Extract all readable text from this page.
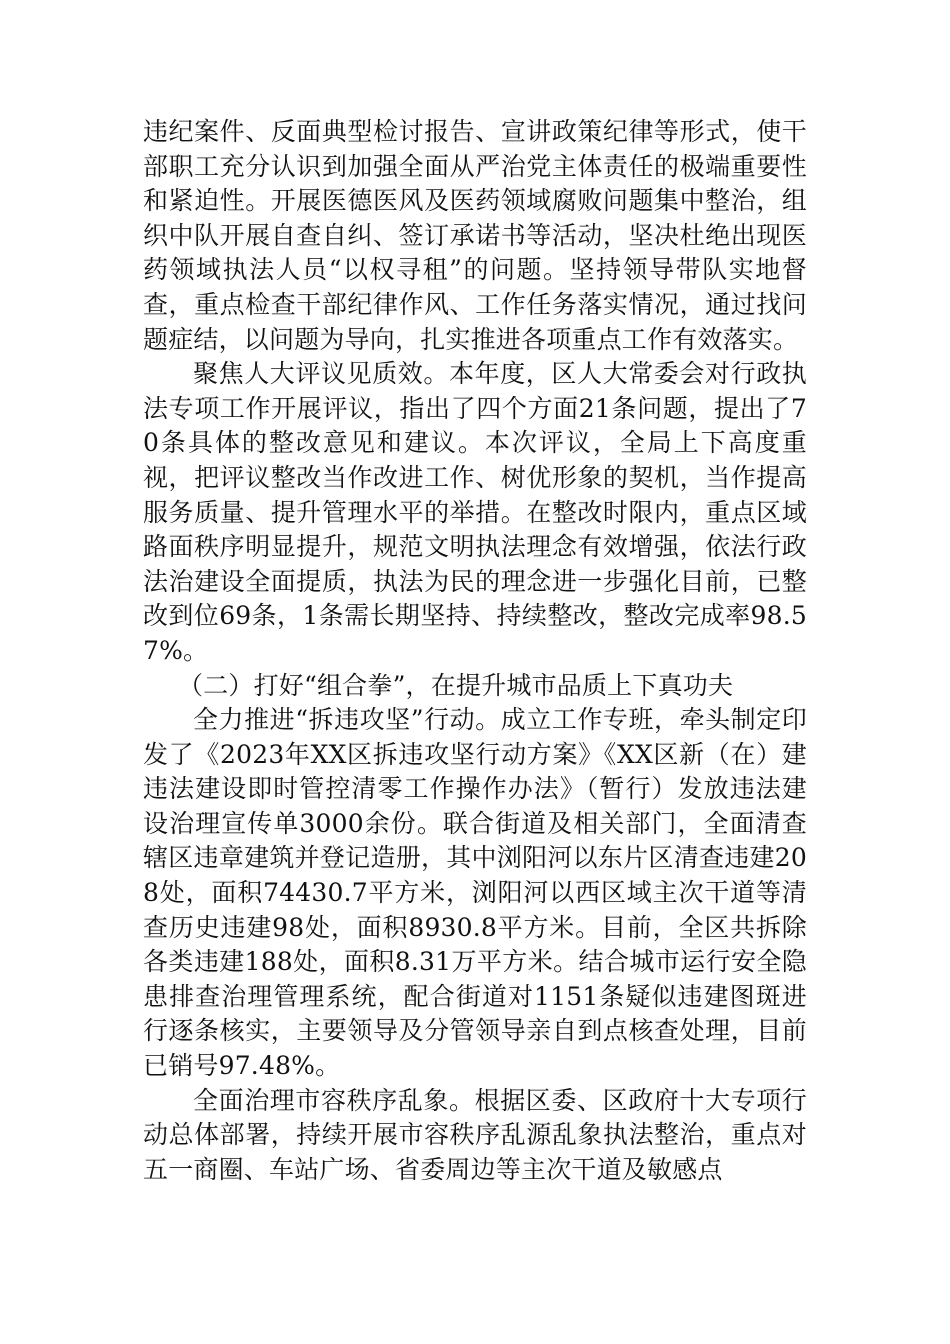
违纪案件、反面典型检讨报告、宣讲政策纪律等形式，使干部职工充分认识到加强全面从严治党主体责任的极端重要性和紧迫性。开展医德医风及医药领域腐败问题集中整治，组织中队开展自查自纠、签订承诺书等活动，坚决杜绝出现医药领域执法人员“以权寻租”的问题。坚持领导带队实地督查，重点检查干部纪律作风、工作任务落实情况，通过找问题症结，以问题为导向，扎实推进各项重点工作有效落实。

聚焦人大评议见质效。本年度，区人大常委会对行政执法专项工作开展评议，指出了四个方面21条问题，提出了70条具体的整改意见和建议。本次评议，全局上下高度重视，把评议整改当作改进工作、树优形象的契机，当作提高服务质量、提升管理水平的举措。在整改时限内，重点区域路面秩序明显提升，规范文明执法理念有效增强，依法行政法治建设全面提质，执法为民的理念进一步强化目前，已整改到位69条，1条需长期坚持、持续整改，整改完成率98.57%。

（二）打好“组合拳”，在提升城市品质上下真功夫

全力推进“拆违攻坚”行动。成立工作专班，牵头制定印发了《2023年XX区拆违攻坚行动方案》《XX区新（在）建违法建设即时管控清零工作操作办法》（暂行）发放违法建设治理宣传单3000余份。联合街道及相关部门，全面清查辖区违章建筑并登记造册，其中浏阳河以东片区清查违建208处，面积74430.7平方米，浏阳河以西区域主次干道等清查历史违建98处，面积8930.8平方米。目前，全区共拆除各类违建188处，面积8.31万平方米。结合城市运行安全隐患排查治理管理系统，配合街道对1151条疑似违建图斑进行逐条核实，主要领导及分管领导亲自到点核查处理，目前已销号97.48%。

全面治理市容秩序乱象。根据区委、区政府十大专项行动总体部署，持续开展市容秩序乱源乱象执法整治，重点对五一商圈、车站广场、省委周边等主次干道及敏感点
